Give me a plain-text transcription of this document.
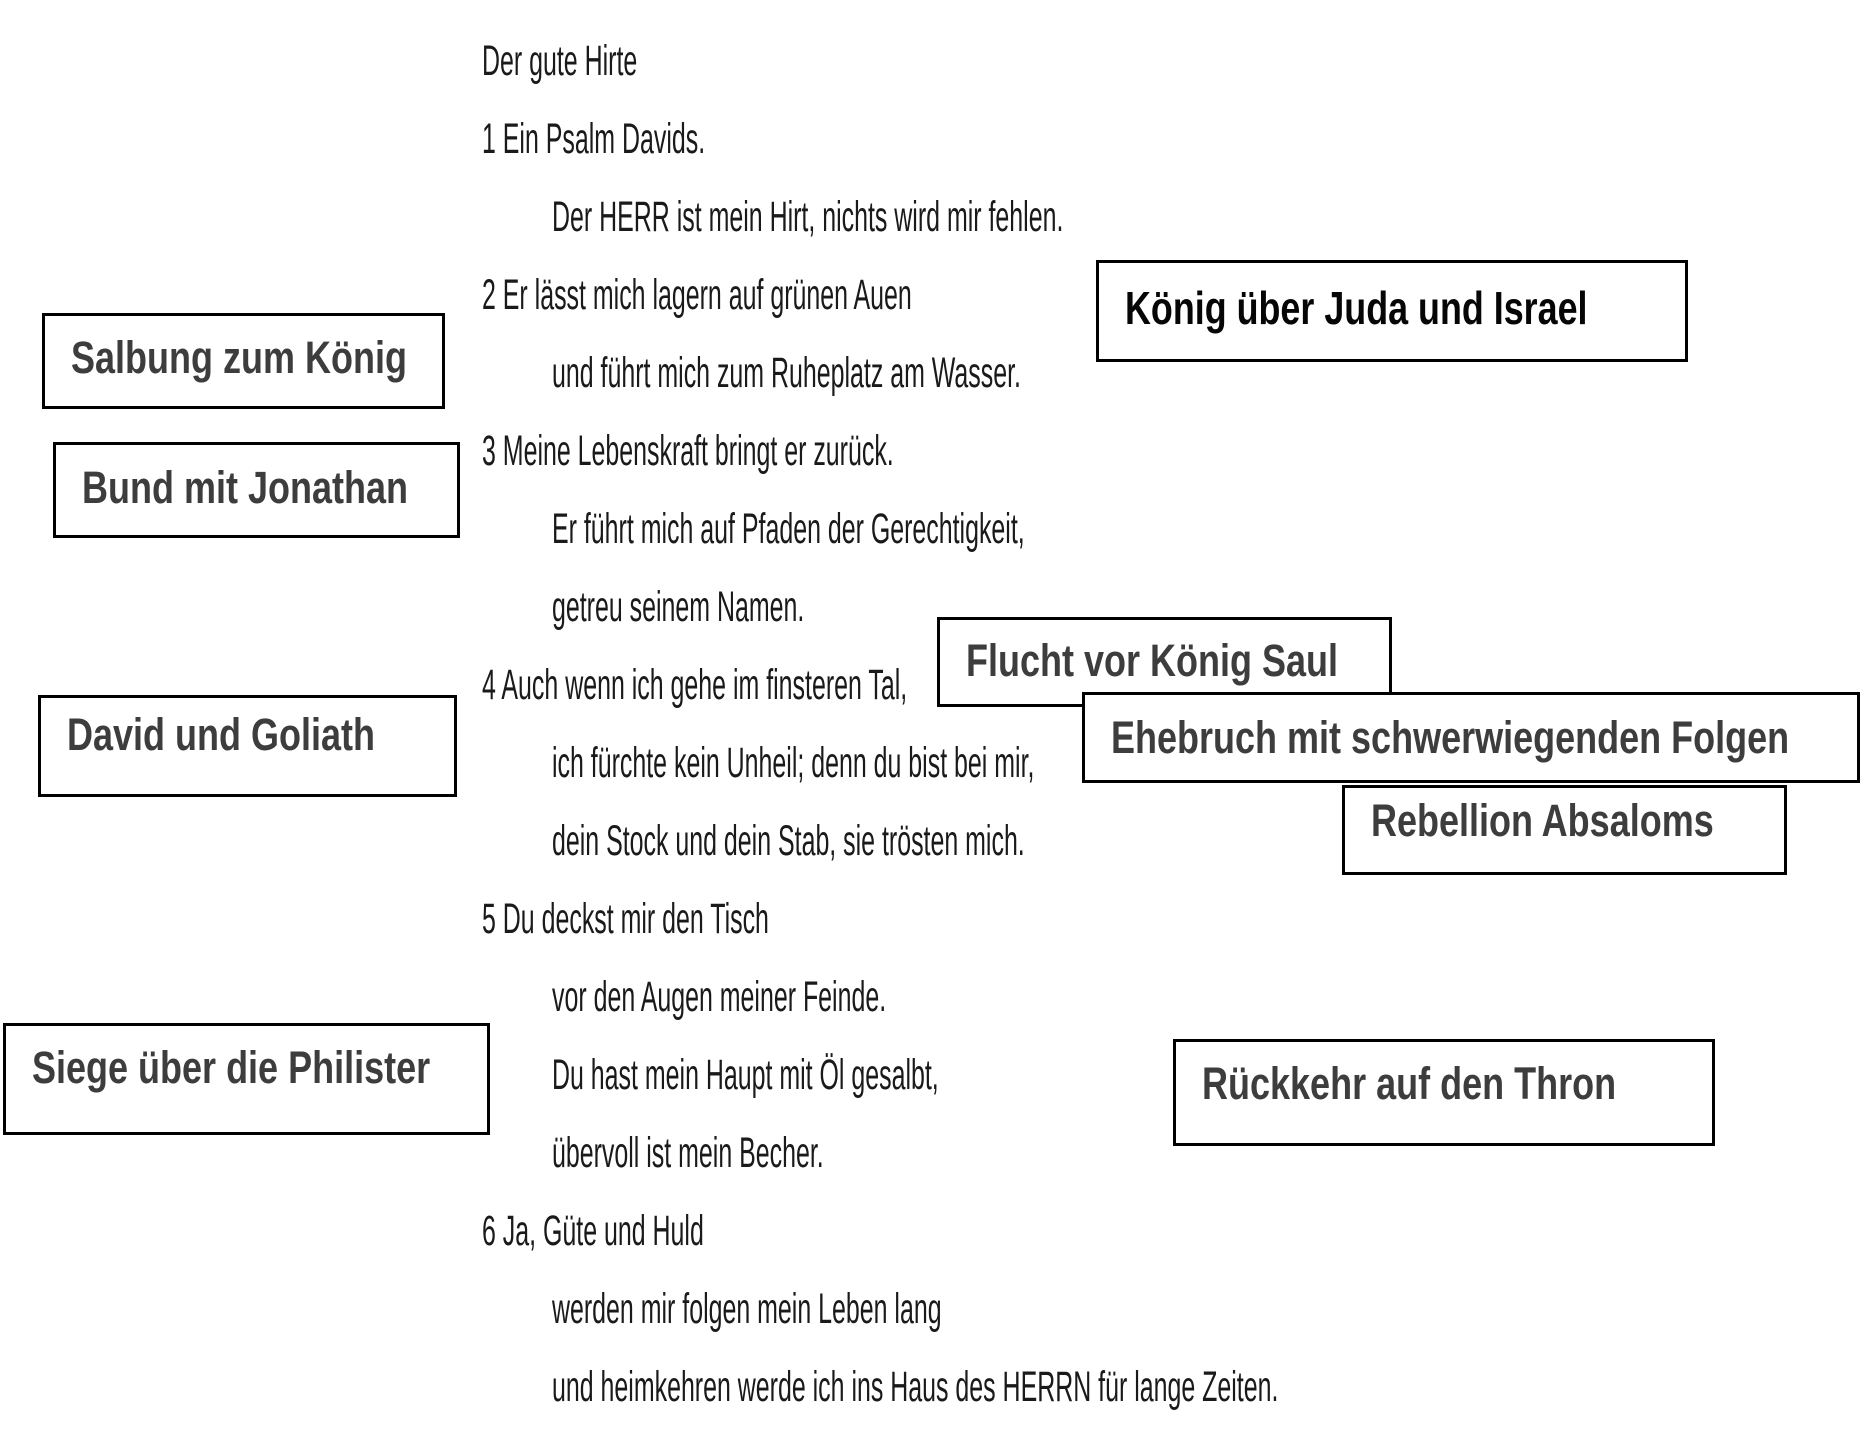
Der gute Hirte
1 Ein Psalm Davids.
Der HERR ist mein Hirt, nichts wird mir fehlen.
2 Er lässt mich lagern auf grünen Auen
und führt mich zum Ruheplatz am Wasser.
3 Meine Lebenskraft bringt er zurück.
Er führt mich auf Pfaden der Gerechtigkeit,
getreu seinem Namen.
4 Auch wenn ich gehe im finsteren Tal,
ich fürchte kein Unheil; denn du bist bei mir,
dein Stock und dein Stab, sie trösten mich.
5 Du deckst mir den Tisch
vor den Augen meiner Feinde.
Du hast mein Haupt mit Öl gesalbt,
übervoll ist mein Becher.
6 Ja, Güte und Huld
werden mir folgen mein Leben lang
und heimkehren werde ich ins Haus des HERRN für lange Zeiten.
Salbung zum König
Bund mit Jonathan
König über Juda und Israel
Flucht vor König Saul
David und Goliath	Ehebruch mit schwerwiegenden Folgen
Rebellion Absaloms
Siege über die Philister	Rückkehr auf den Thron
